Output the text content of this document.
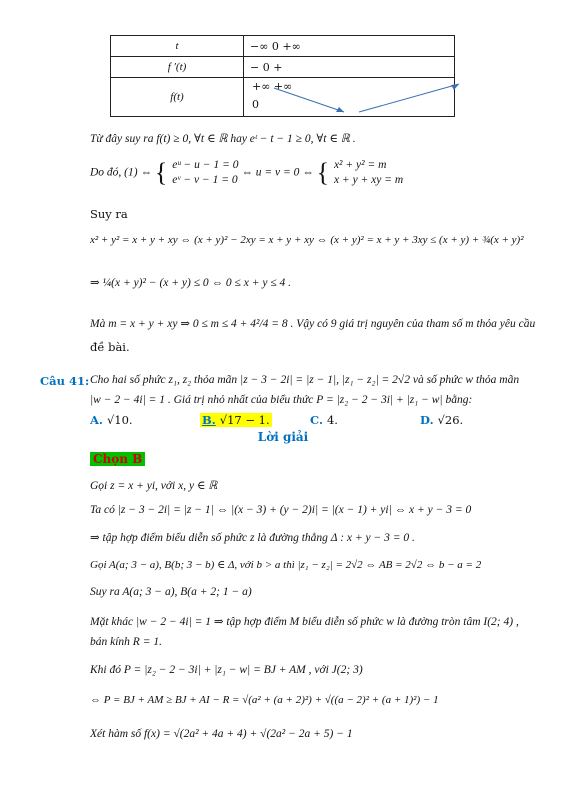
t	−∞ 0 +∞
f ′(t)	− 0 +
f(t)	+∞ +∞
0
Từ đây suy ra f(t) ≥ 0, ∀t ∈ ℝ hay eᵗ − t − 1 ≥ 0, ∀t ∈ ℝ .
Do đó, (1) ⇔ { eᵘ − u − 1 = 0
eᵛ − v − 1 = 0 ⇔ u = v = 0 ⇔ { x² + y² = m
x + y + xy = m
Suy ra
x² + y² = x + y + xy ⇔ (x + y)² − 2xy = x + y + xy ⇔ (x + y)² = x + y + 3xy ≤ (x + y) + ¾(x + y)²
⇒ ¼(x + y)² − (x + y) ≤ 0 ⇔ 0 ≤ x + y ≤ 4 .
Mà m = x + y + xy ⇒ 0 ≤ m ≤ 4 + 4²/4 = 8 . Vậy có 9 giá trị nguyên của tham số m thỏa yêu cầu
đề bài.
Câu 41: Cho hai số phức z₁, z₂ thỏa mãn |z − 3 − 2i| = |z − 1|, |z₁ − z₂| = 2√2 và số phức w thỏa mãn
|w − 2 − 4i| = 1 . Giá trị nhỏ nhất của biểu thức P = |z₂ − 2 − 3i| + |z₁ − w| bằng:
A. √10.	B. √17 − 1.	C. 4.	D. √26.
Lời giải
Chọn B
Gọi z = x + yi, với x, y ∈ ℝ
Ta có |z − 3 − 2i| = |z − 1| ⇔ |(x − 3) + (y − 2)i| = |(x − 1) + yi| ⇔ x + y − 3 = 0
⇒ tập hợp điểm biểu diễn số phức z là đường thẳng Δ : x + y − 3 = 0 .
Gọi A(a; 3 − a), B(b; 3 − b) ∈ Δ, với b > a thì |z₁ − z₂| = 2√2 ⇔ AB = 2√2 ⇔ b − a = 2
Suy ra A(a; 3 − a), B(a + 2; 1 − a)
Mặt khác |w − 2 − 4i| = 1 ⇒ tập hợp điểm M biểu diễn số phức w là đường tròn tâm I(2; 4) ,
bán kính R = 1.
Khi đó P = |z₂ − 2 − 3i| + |z₁ − w| = BJ + AM , với J(2; 3)
⇔ P = BJ + AM ≥ BJ + AI − R = √(a² + (a + 2)²) + √((a − 2)² + (a + 1)²) − 1
Xét hàm số f(x) = √(2a² + 4a + 4) + √(2a² − 2a + 5) − 1
